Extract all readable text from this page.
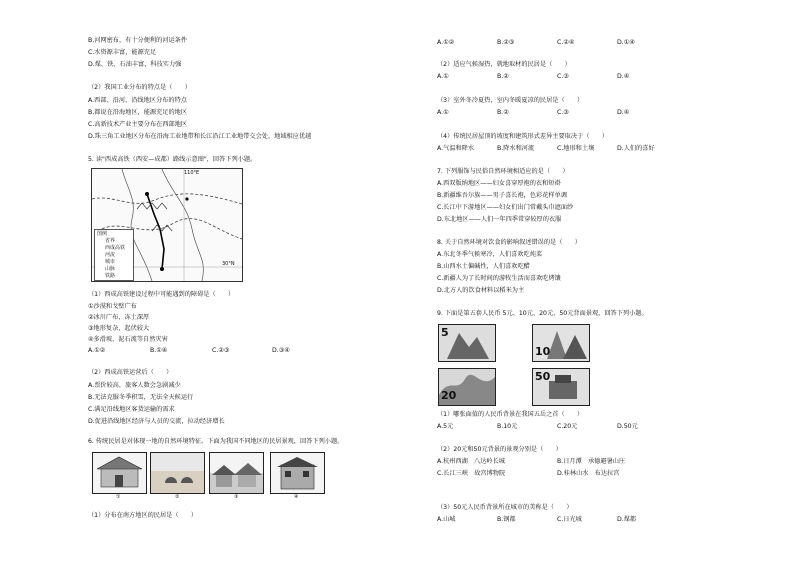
B.河网密布，有十分便利的河运条件
C.水资源丰富，能源充足
D.煤、铁、石油丰富，科技实力强
（2）我国工业分布的特点是（　　）
A.西部、沿河、沿线地区分布的特点
B.都说在沿海地区，能源充足的地区
C.高新技术产业主要分布在西部地区
D.珠三角工业地区分布在沿海工业地带和长江沿江工业地带交会处，地域相应优越
5. 读"西成高铁（西安—成都）路线示意图"，回答下列小题。
110°E
30°N
图例
省界
西成高铁
河流
城市
山脉
铁路
（1）西成高铁建设过程中可能遇到的障碍是（　　）
①沙漠和戈壁广布
②冰川广布，冻土深厚
③地形复杂，起伏较大
④多滑坡，泥石流等自然灾害
A.①②	B.①④	C.②③	D.③④
（2）西成高铁运营后（　　）
A.票价较高，旅客人数会急剧减少
B.无法克服冬季积雪，无法全天候运行
C.满足沿线地区客货运输的需求
D.促进沿线地区经济与人员的交流，拉动经济增长
6. 传统民居是对体现一地的自然环境特征。下面为我国不同地区的民居景观，回答下列小题。
①	②	③	④
（1）分布在南方地区的民居是（　　）
A.①②	B.②③	C.②④	D.①④
（2）适应气候湿热，就地取材的民居是（　　）
A.①	B.②	C.③	D.④
（3）室外冬冷夏热，室内冬暖夏凉的民居是（　　）
A.①	B.②	C.③	D.④
（4）传统民居屋顶的坡度和建筑形式差异主要取决于（　　）
A.气温和降水	B.降水和河流	C.地形和土壤	D.人们的喜好
7. 下列服饰与民俗自然环境相适应的是（　　）
A.西双版纳地区——妇女喜穿厚袍的衣和短褂
B.新疆维吾尔族——男子喜长袍，色彩花样单调
C.长江中下游地区——妇女们出门常戴头巾遮面纱
D.东北地区——人们一年四季常穿较厚的衣服
8. 关于自然环境对饮食的影响叙述错误的是（　　）
A.东北冬季气候寒冷，人们喜欢吃炖菜
B.山西水土偏碱性，人们喜欢吃醋
C.新疆人为了长时间的游牧生活而喜欢吃烤馕
D.北方人的饮食材料以稻米为主
9. 下面是第五套人民币 5元、10元、20元、50元背面景观，回答下列小题。
5
10
20
50
（1）哪张面值的人民币背景在我国五岳之首（　　）
A.5元	B.10元	C.20元	D.50元
（2）20元和50元背景的景观分别是（　　）
A.杭州西湖　八达岭长城	B.日月潭　承德避暑山庄
C.长江三峡　故宫博物院	D.桂林山水　布达拉宫
（3）50元人民币背景所在城市的美称是（　　）
A.山城	B.钢都	C.日光城	D.煤都
